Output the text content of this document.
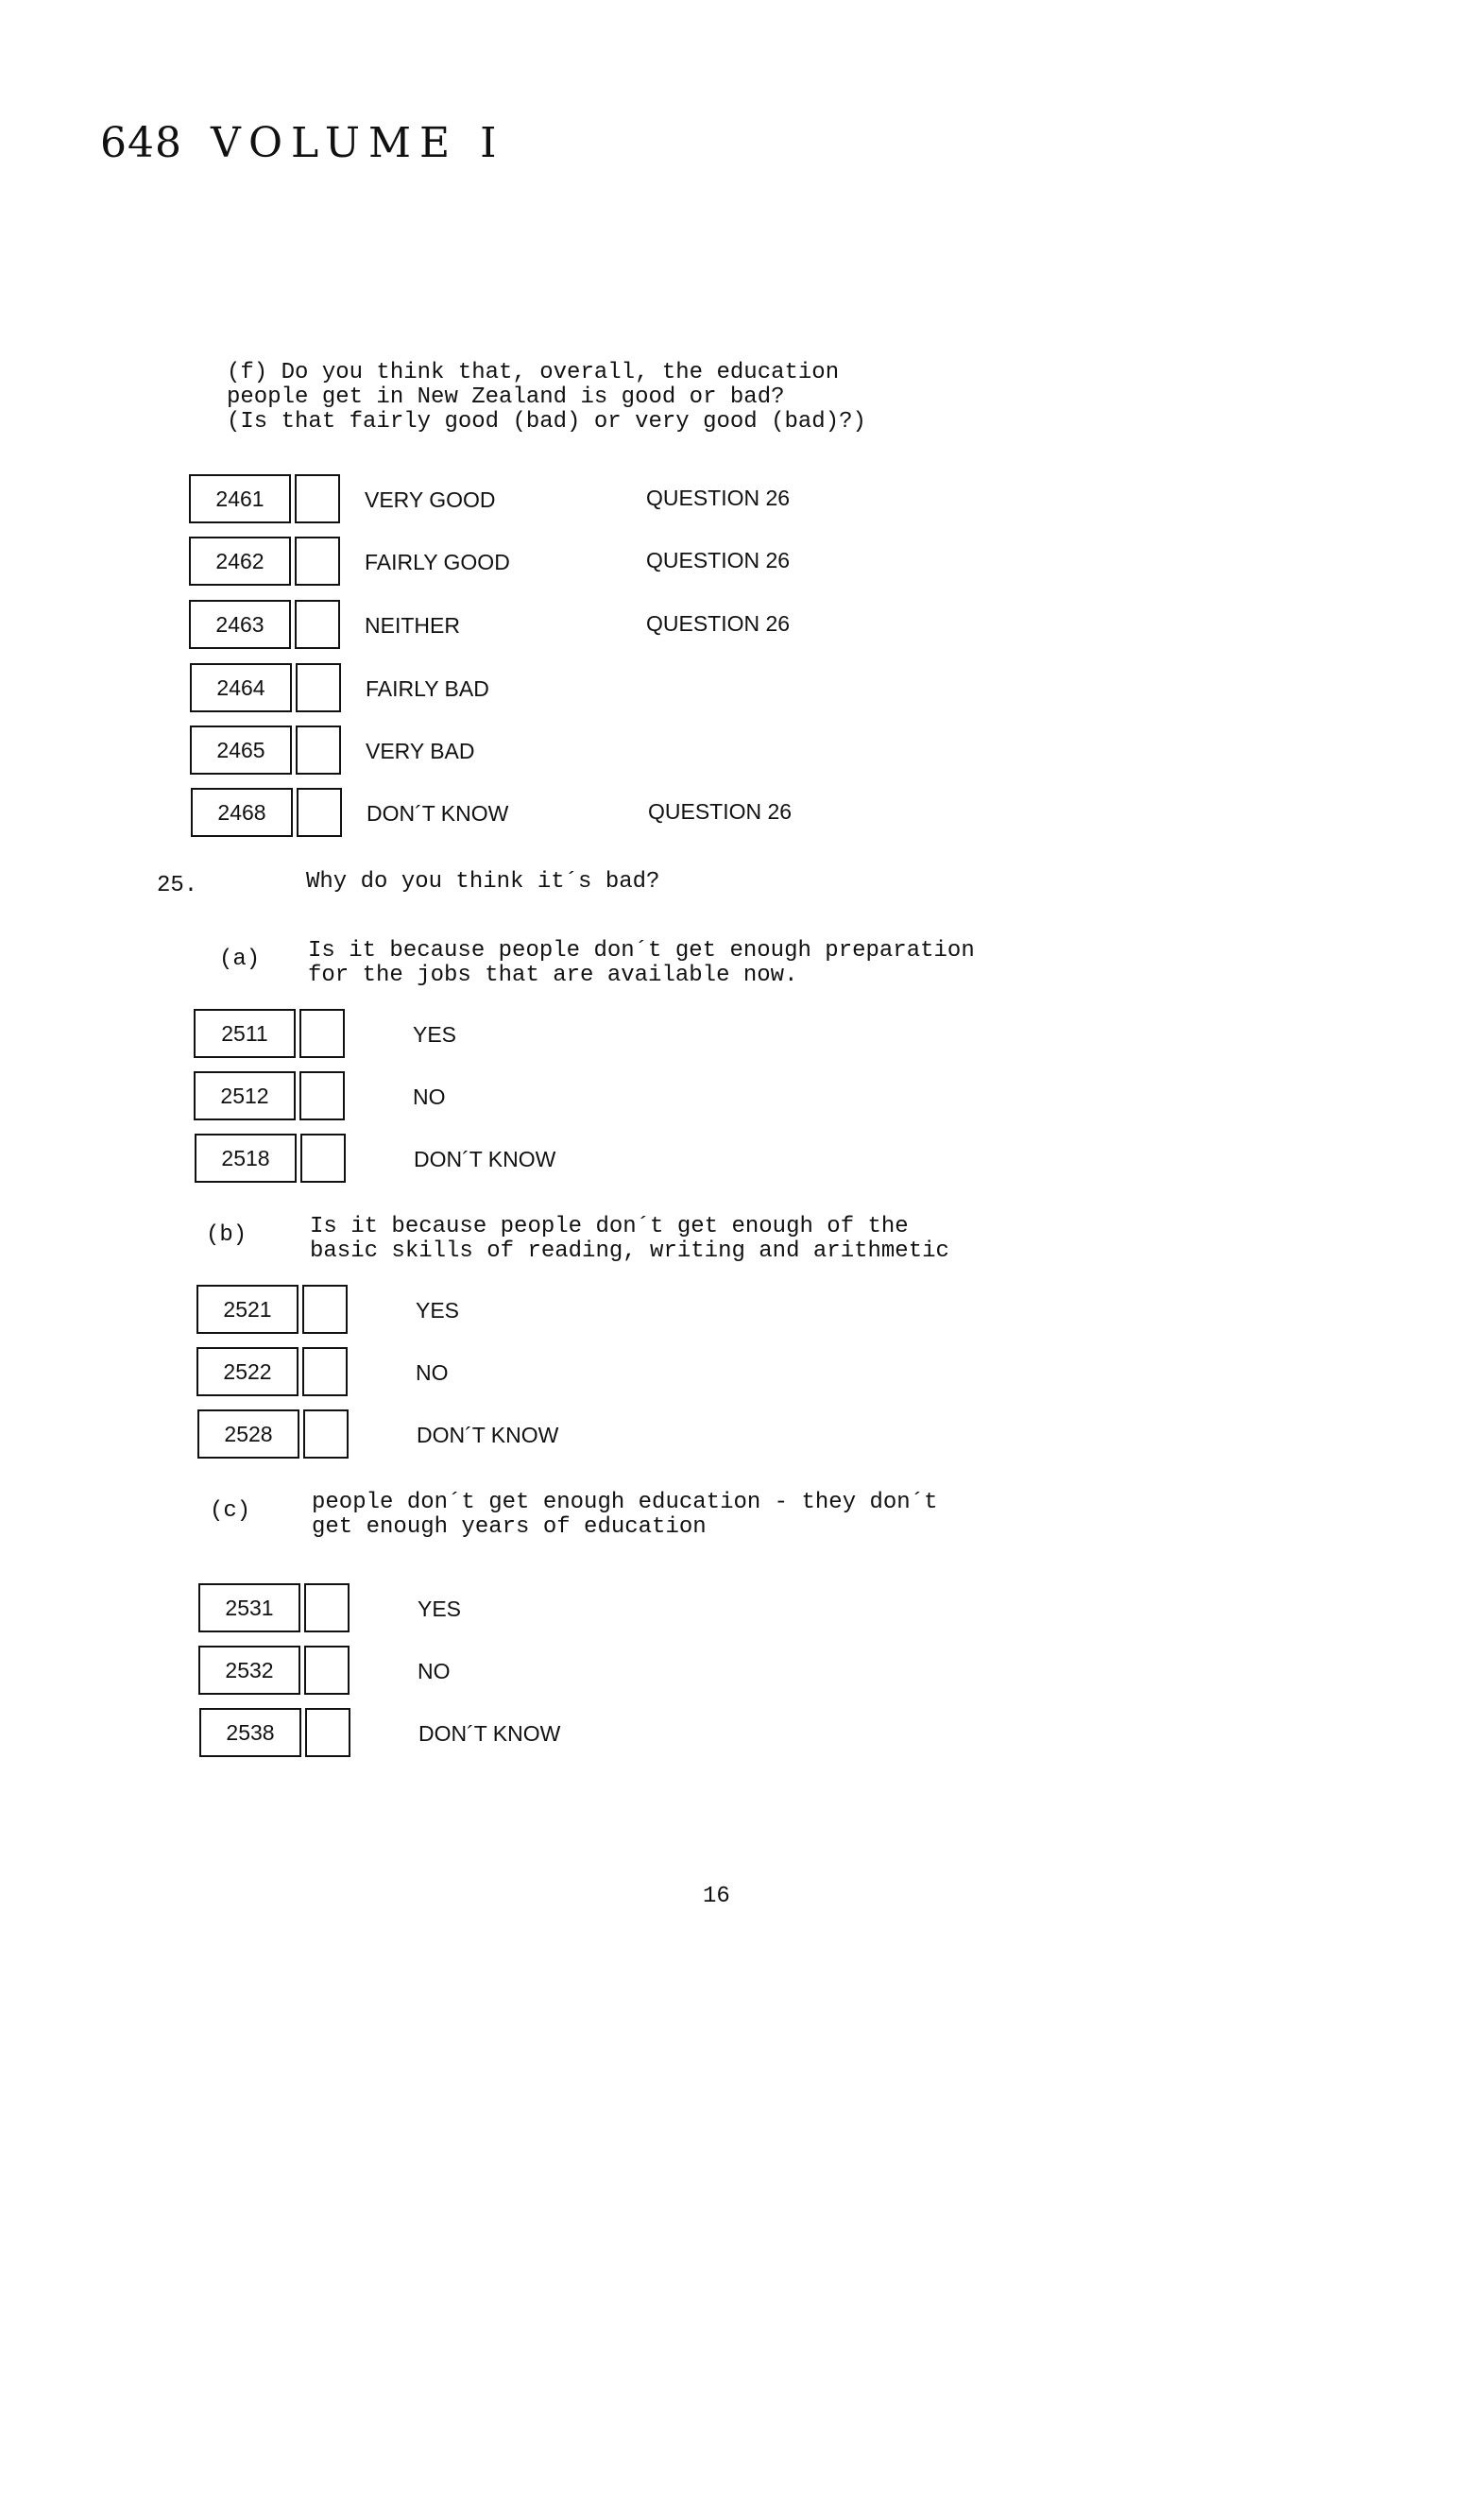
648 VOLUME I
(f) Do you think that, overall, the education
people get in New Zealand is good or bad?
(Is that fairly good (bad) or very good (bad)?)
2461	VERY GOOD	QUESTION 26
2462	FAIRLY GOOD	QUESTION 26
2463	NEITHER	QUESTION 26
2464	FAIRLY BAD
2465	VERY BAD
2468	DON´T KNOW	QUESTION 26
25.	Why do you think it´s bad?
(a) Is it because people don´t get enough preparation
for the jobs that are available now.
2511	YES
2512	NO
2518	DON´T KNOW
(b)	Is it because people don´t get enough of the
basic skills of reading, writing and arithmetic
2521	YES
2522	NO
2528	DON´T KNOW
(c)	people don´t get enough education - they don´t
get enough years of education
2531	YES
2532	NO
2538	DON´T KNOW
16
